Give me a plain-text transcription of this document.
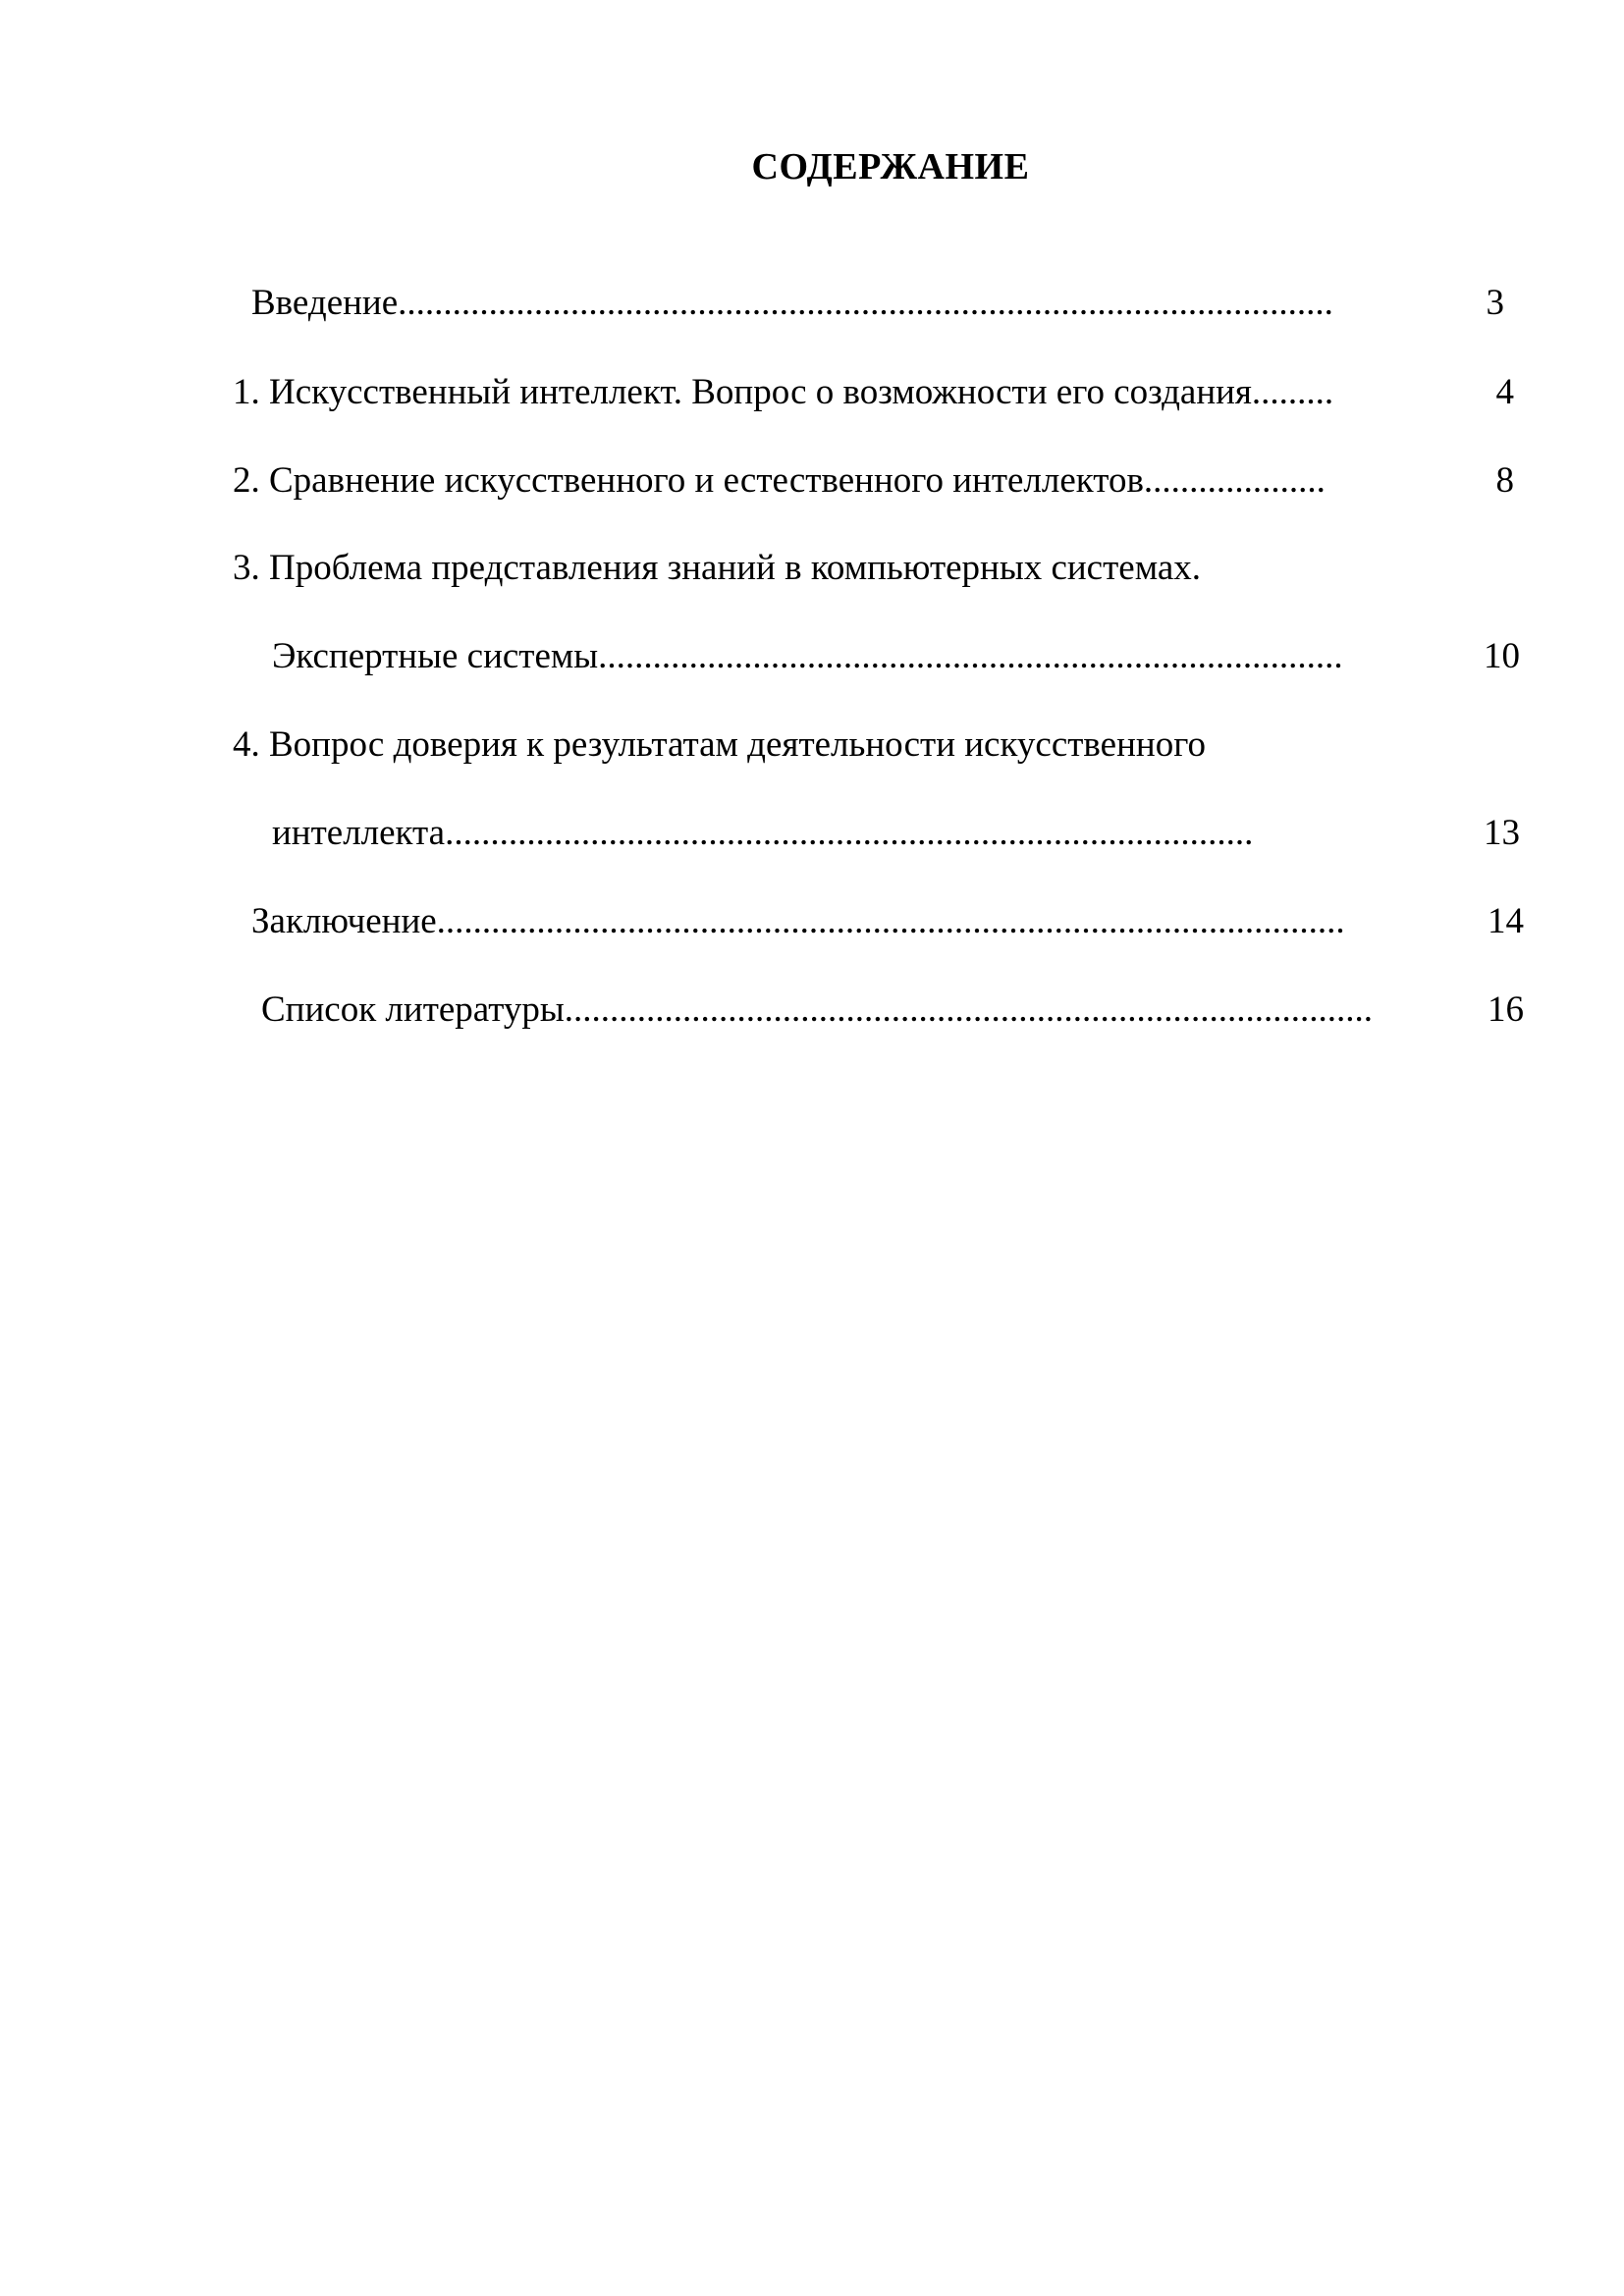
СОДЕРЖАНИЕ
Введение.......................................................................................................	3
1. Искусственный интеллект. Вопрос о возможности его создания.........	4
2. Сравнение искусственного и естественного интеллектов....................	8
3. Проблема представления знаний в компьютерных системах.
Экспертные системы..................................................................................	10
4. Вопрос доверия к результатам деятельности искусственного
интеллекта.........................................................................................	13
Заключение....................................................................................................	14
Список литературы.........................................................................................	16
